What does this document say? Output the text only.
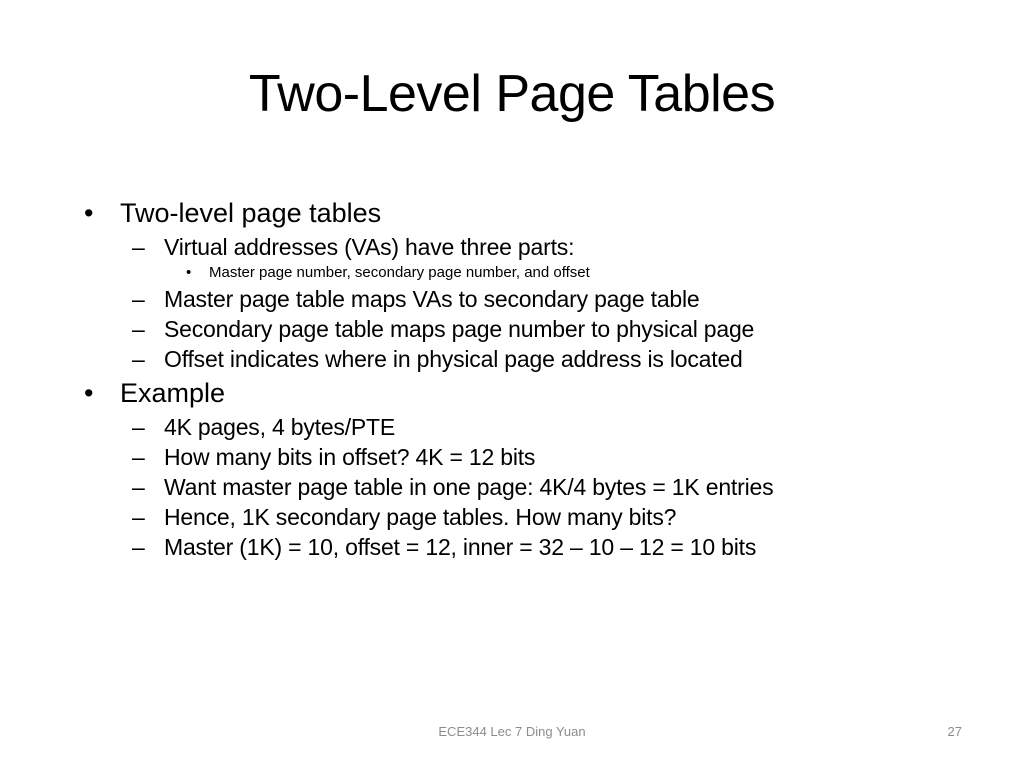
Two-Level Page Tables
• Two-level page tables
– Virtual addresses (VAs) have three parts:
• Master page number, secondary page number, and offset
– Master page table maps VAs to secondary page table
– Secondary page table maps page number to physical page
– Offset indicates where in physical page address is located
• Example
– 4K pages, 4 bytes/PTE
– How many bits in offset? 4K = 12 bits
– Want master page table in one page: 4K/4 bytes = 1K entries
– Hence, 1K secondary page tables. How many bits?
– Master (1K) = 10, offset = 12, inner = 32 – 10 – 12 = 10 bits
ECE344 Lec 7 Ding Yuan	27
